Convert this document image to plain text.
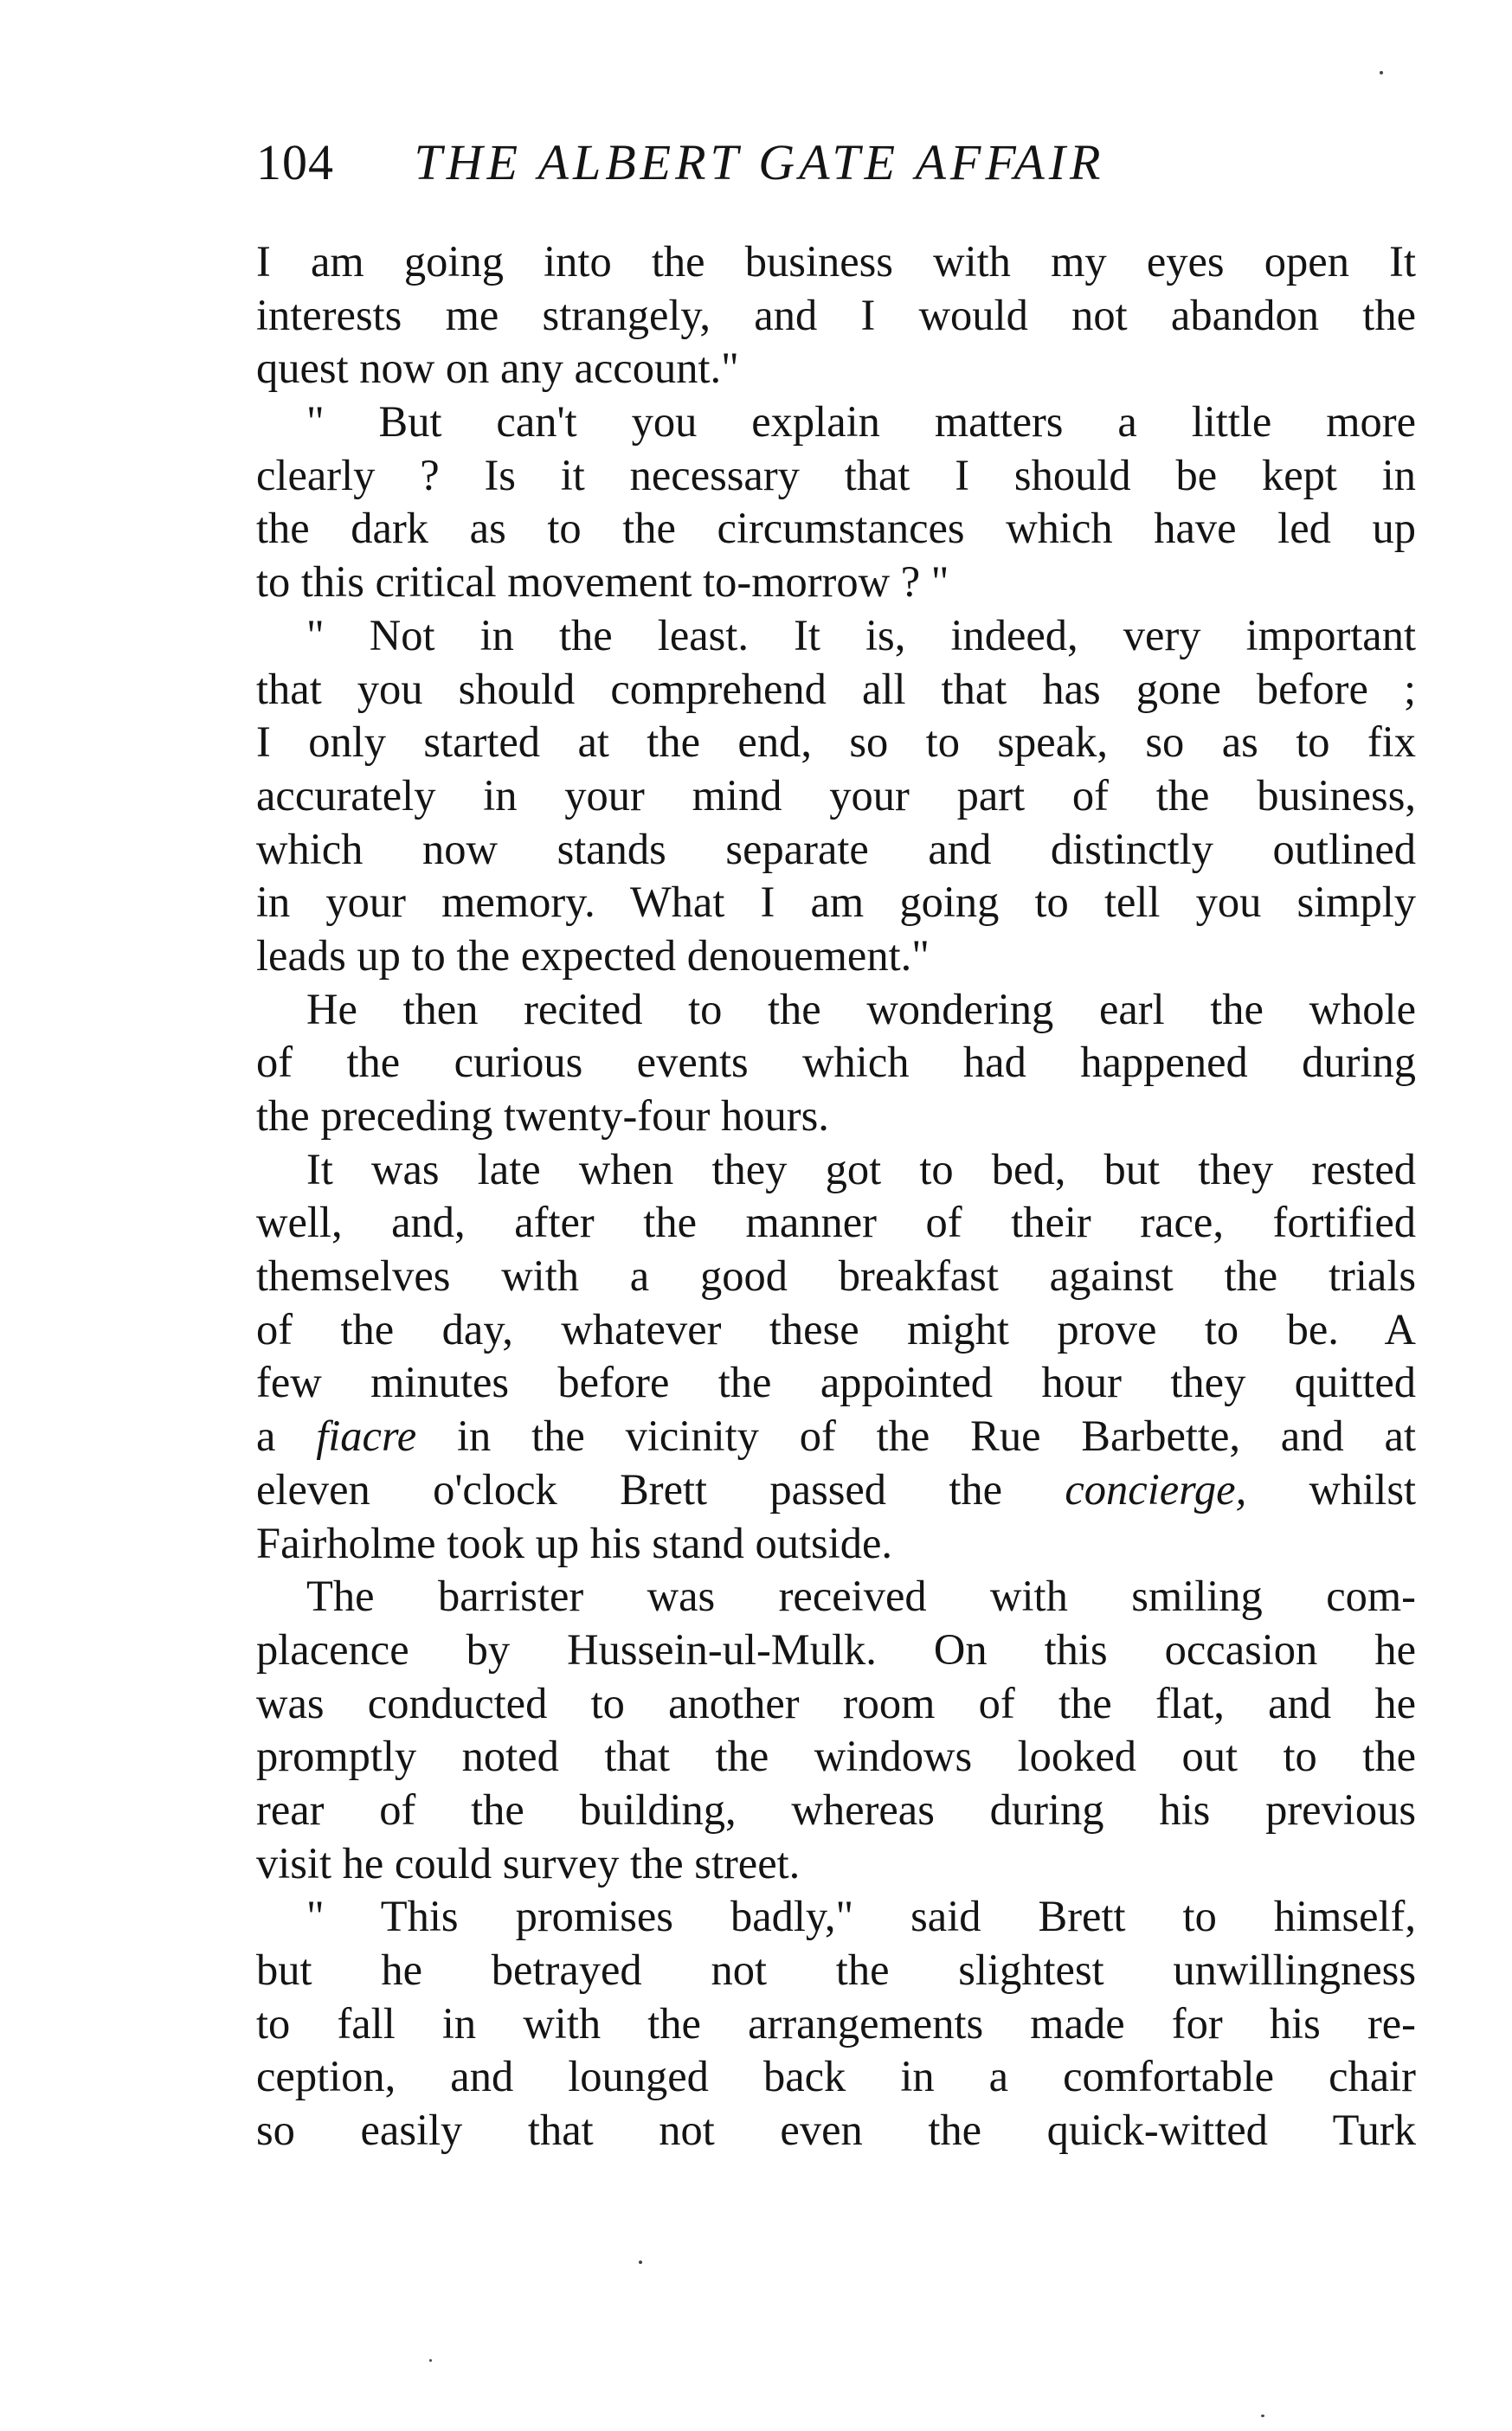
104 THE ALBERT GATE AFFAIR
I am going into the business with my eyes open It
interests me strangely, and I would not abandon the
quest now on any account."
" But can't you explain matters a little more
clearly ? Is it necessary that I should be kept in
the dark as to the circumstances which have led up
to this critical movement to-morrow ? "
" Not in the least. It is, indeed, very important
that you should comprehend all that has gone before ;
I only started at the end, so to speak, so as to fix
accurately in your mind your part of the business,
which now stands separate and distinctly outlined
in your memory. What I am going to tell you simply
leads up to the expected denouement."
He then recited to the wondering earl the whole
of the curious events which had happened during
the preceding twenty-four hours.
It was late when they got to bed, but they rested
well, and, after the manner of their race, fortified
themselves with a good breakfast against the trials
of the day, whatever these might prove to be. A
few minutes before the appointed hour they quitted
a fiacre in the vicinity of the Rue Barbette, and at
eleven o'clock Brett passed the concierge, whilst
Fairholme took up his stand outside.
The barrister was received with smiling com-
placence by Hussein-ul-Mulk. On this occasion he
was conducted to another room of the flat, and he
promptly noted that the windows looked out to the
rear of the building, whereas during his previous
visit he could survey the street.
" This promises badly," said Brett to himself,
but he betrayed not the slightest unwillingness
to fall in with the arrangements made for his re-
ception, and lounged back in a comfortable chair
so easily that not even the quick-witted Turk
